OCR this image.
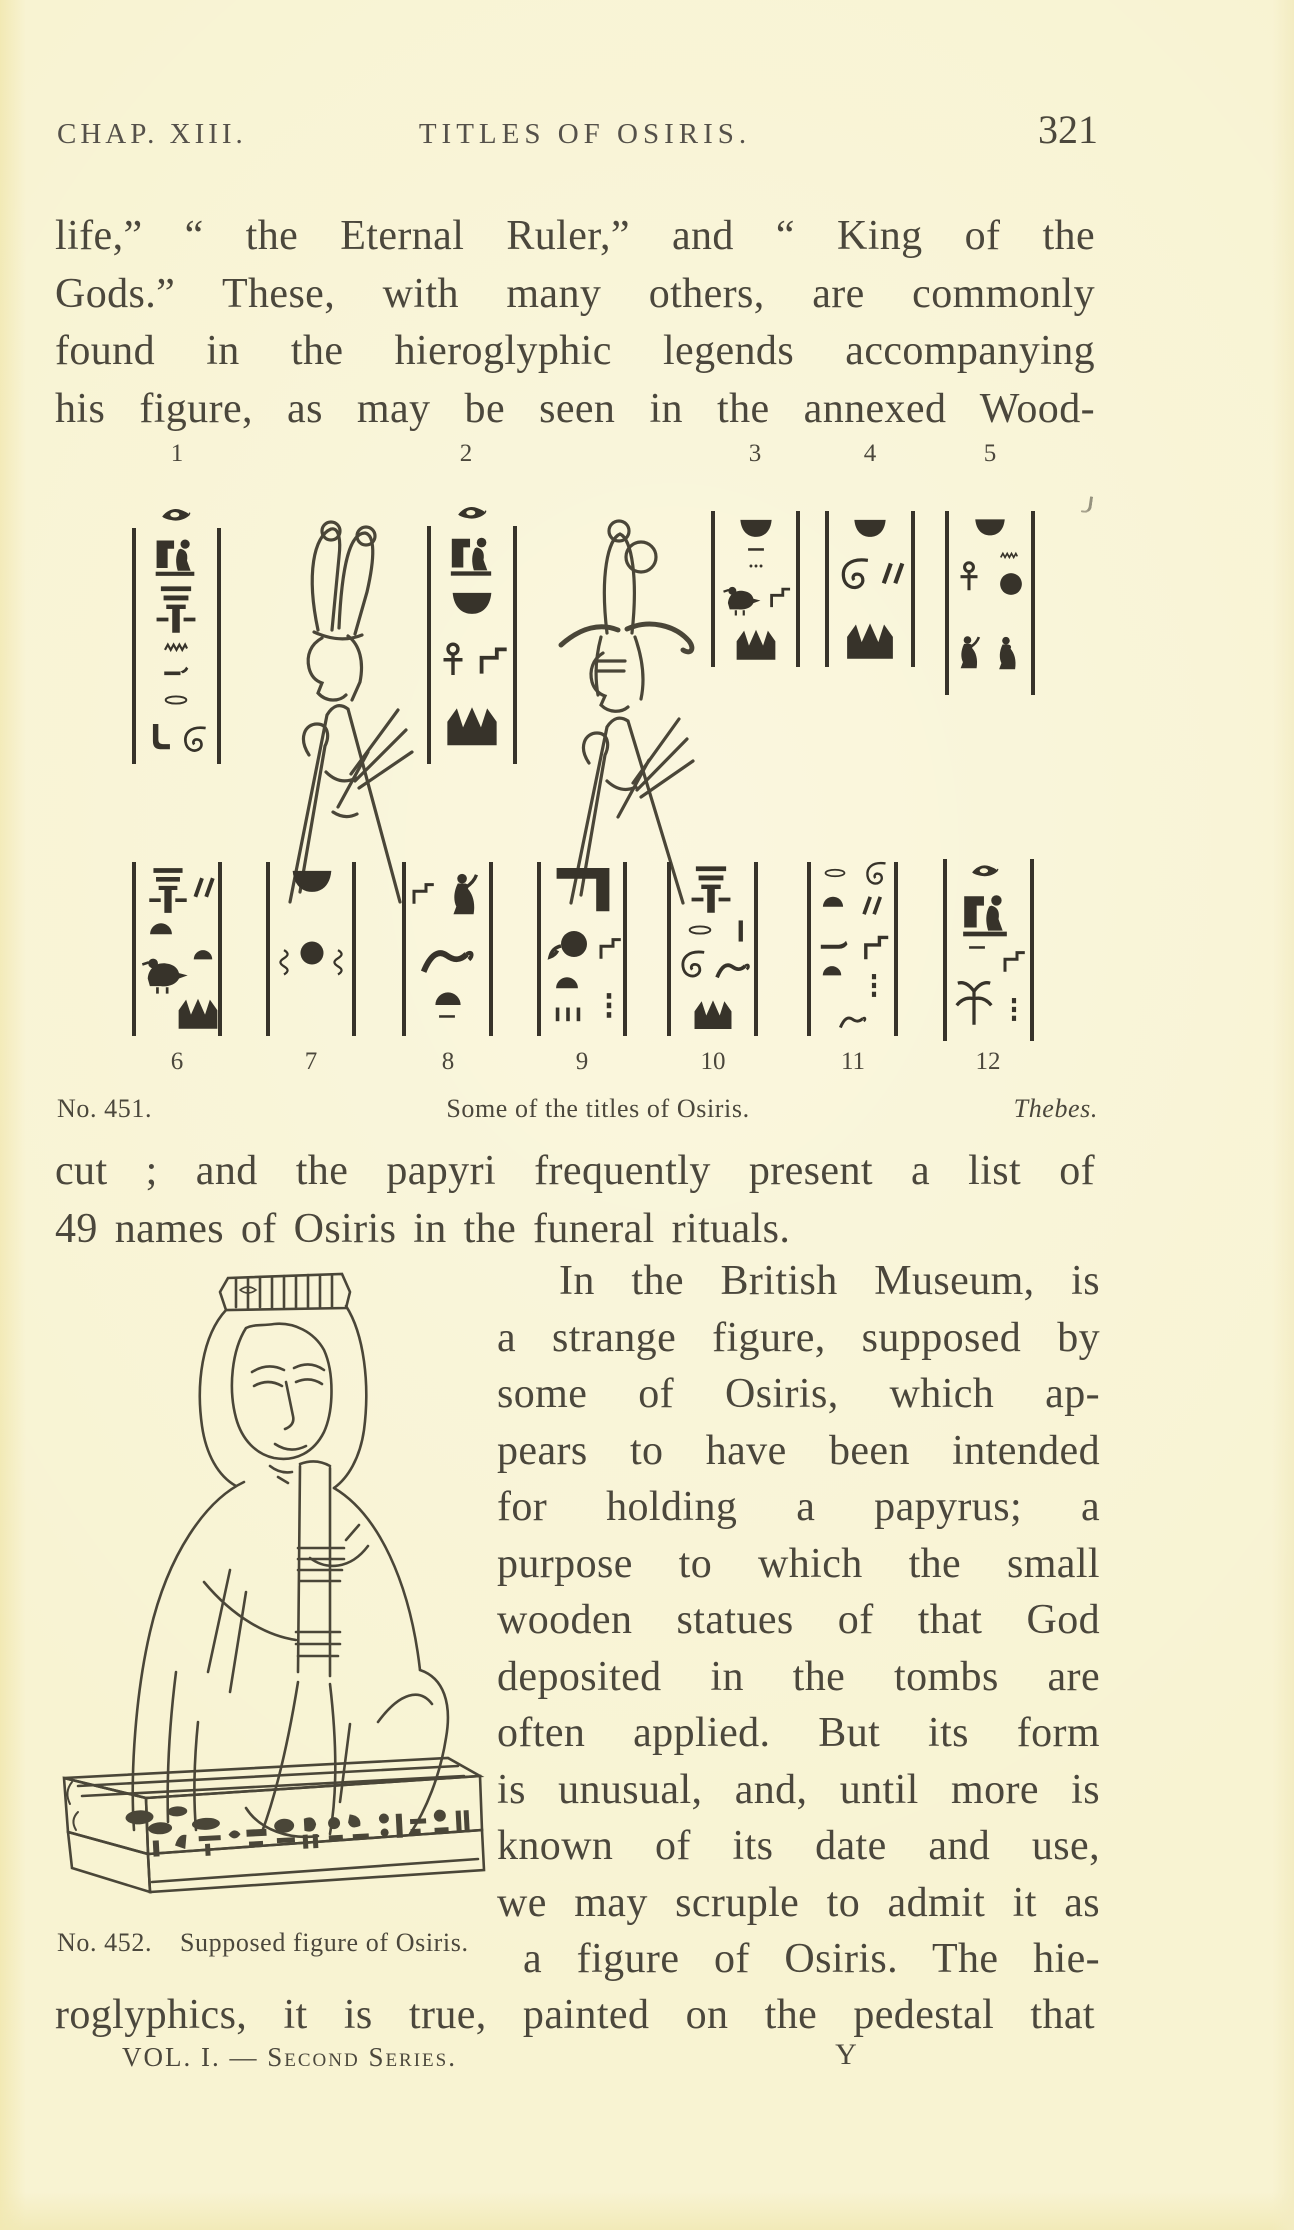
CHAP. XIII.	TITLES OF OSIRIS.	321
life,” “ the Eternal Ruler,” and “ King of the
Gods.” These, with many others, are commonly
found in the hieroglyphic legends accompanying
his figure, as may be seen in the annexed Wood-
1	2	3	4	5
6	7	8	9	10	11	12
No. 451.	Some of the titles of Osiris.	Thebes.
cut ; and the papyri frequently present a list of
49 names of Osiris in the funeral rituals.
No. 452. Supposed figure of Osiris.
In the British Museum, is
a strange figure, supposed by
some of Osiris, which ap-
pears to have been intended
for holding a papyrus; a
purpose to which the small
wooden statues of that God
deposited in the tombs are
often applied. But its form
is unusual, and, until more is
known of its date and use,
we may scruple to admit it as
a figure of Osiris. The hie-
roglyphics, it is true, painted on the pedestal that
VOL. I. — Second Series.	Y
